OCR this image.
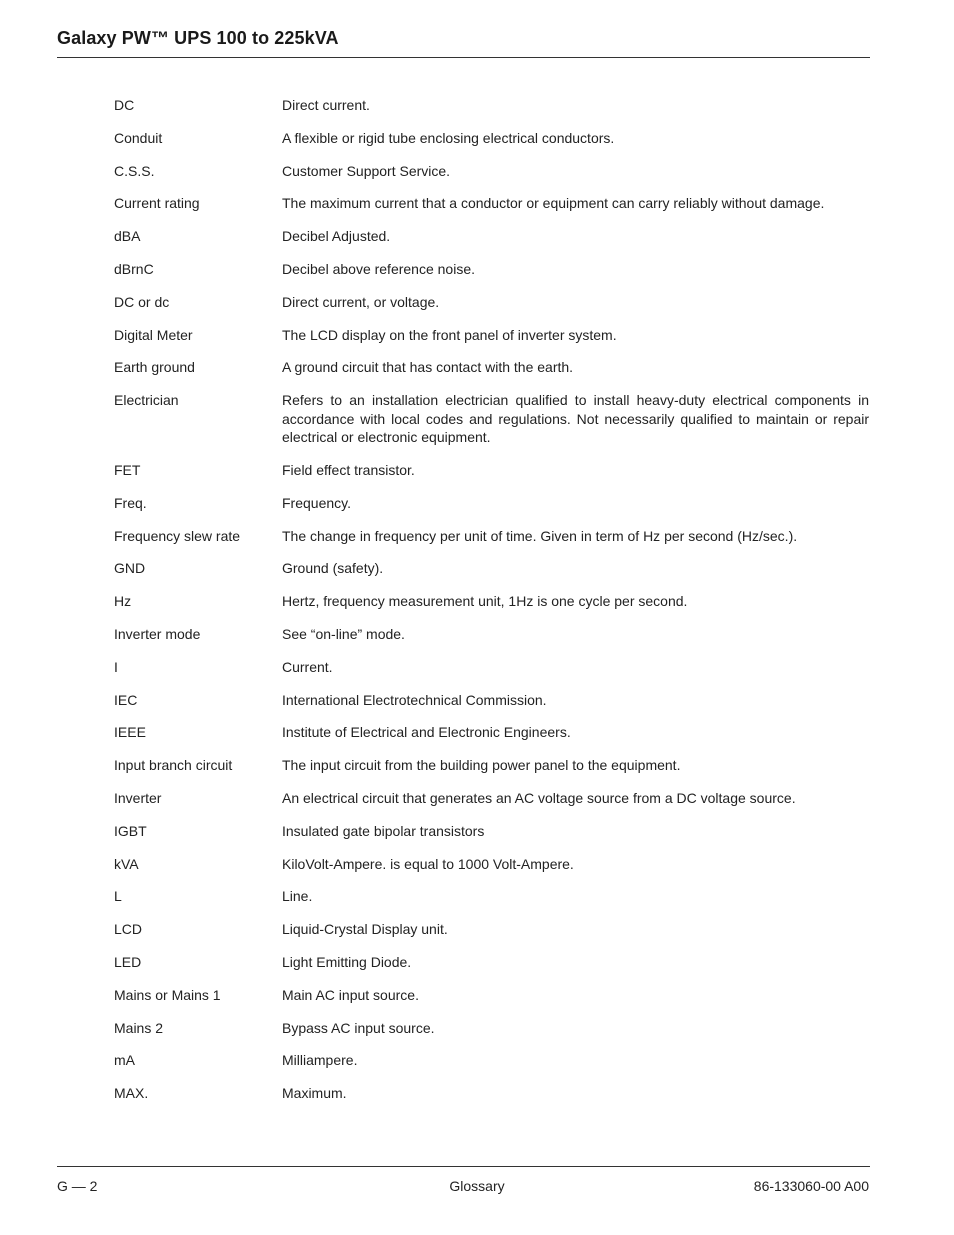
Galaxy PW™ UPS 100 to 225kVA
DC	Direct current.
Conduit	A flexible or rigid tube enclosing electrical conductors.
C.S.S.	Customer Support Service.
Current rating	The maximum current that a conductor or equipment can carry reliably without damage.
dBA	Decibel Adjusted.
dBrnC	Decibel above reference noise.
DC or dc	Direct current, or voltage.
Digital Meter	The LCD display on the front panel of inverter system.
Earth ground	A ground circuit that has contact with the earth.
Electrician	Refers to an installation electrician qualified to install heavy-duty electrical components in accordance with local codes and regulations. Not necessarily qualified to maintain or repair electrical or electronic equipment.
FET	Field effect transistor.
Freq.	Frequency.
Frequency slew rate	The change in frequency per unit of time. Given in term of Hz per second (Hz/sec.).
GND	Ground (safety).
Hz	Hertz, frequency measurement unit, 1Hz is one cycle per second.
Inverter mode	See “on-line” mode.
I	Current.
IEC	International Electrotechnical Commission.
IEEE	Institute of Electrical and Electronic Engineers.
Input branch circuit	The input circuit from the building power panel to the equipment.
Inverter	An electrical circuit that generates an AC voltage source from a DC voltage source.
IGBT	Insulated gate bipolar transistors
kVA	KiloVolt-Ampere. is equal to 1000 Volt-Ampere.
L	Line.
LCD	Liquid-Crystal Display unit.
LED	Light Emitting Diode.
Mains or Mains 1	Main AC input source.
Mains 2	Bypass AC input source.
mA	Milliampere.
MAX.	Maximum.
G — 2	Glossary	86-133060-00 A00
